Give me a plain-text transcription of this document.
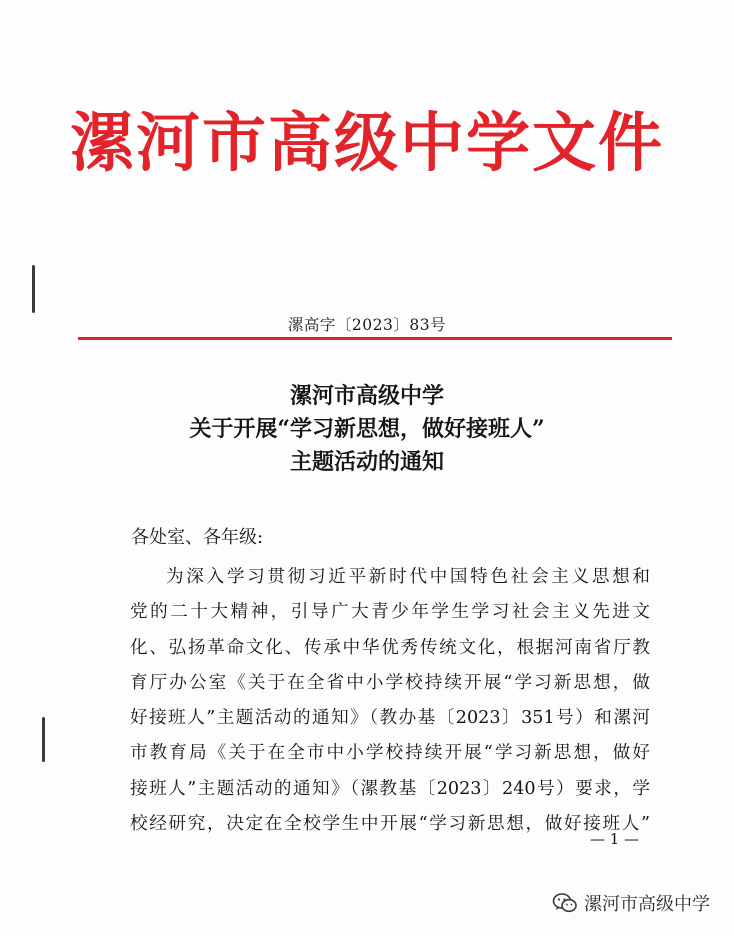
漯河市高级中学文件
漯高字〔2023〕83号
漯河市高级中学
关于开展“学习新思想，做好接班人”
主题活动的通知
各处室、各年级:
为深入学习贯彻习近平新时代中国特色社会主义思想和
党的二十大精神，引导广大青少年学生学习社会主义先进文
化、弘扬革命文化、传承中华优秀传统文化，根据河南省厅教
育厅办公室《关于在全省中小学校持续开展“学习新思想，做
好接班人”主题活动的通知》（教办基〔2023〕351号）和漯河
市教育局《关于在全市中小学校持续开展“学习新思想，做好
接班人”主题活动的通知》（漯教基〔2023〕240号）要求，学
校经研究，决定在全校学生中开展“学习新思想，做好接班人”
— 1 —
漯河市高级中学
